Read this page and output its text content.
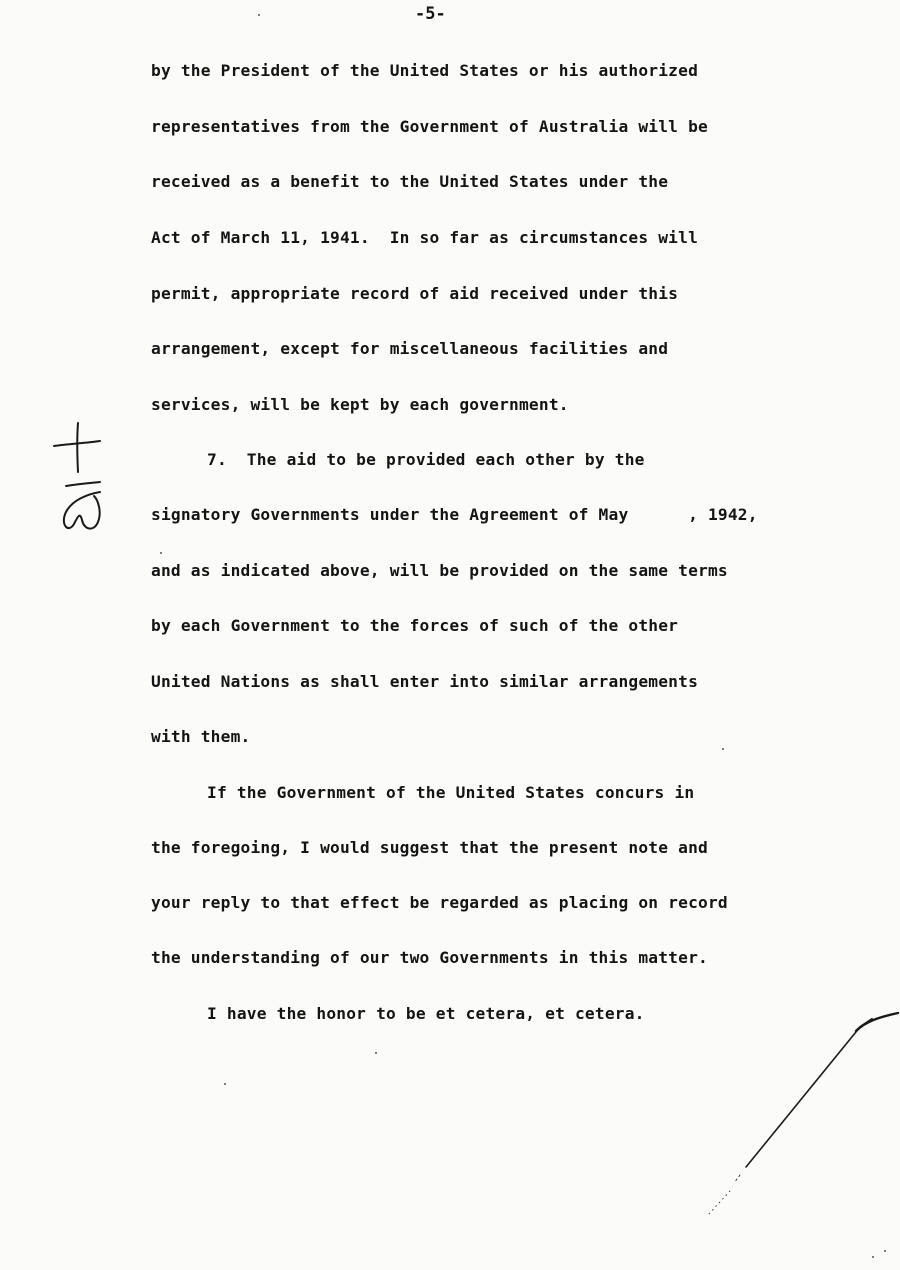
-5-
by the President of the United States or his authorized
representatives from the Government of Australia will be
received as a benefit to the United States under the
Act of March 11, 1941.  In so far as circumstances will
permit, appropriate record of aid received under this
arrangement, except for miscellaneous facilities and
services, will be kept by each government.
7.  The aid to be provided each other by the
signatory Governments under the Agreement of May      , 1942,
and as indicated above, will be provided on the same terms
by each Government to the forces of such of the other
United Nations as shall enter into similar arrangements
with them.
If the Government of the United States concurs in
the foregoing, I would suggest that the present note and
your reply to that effect be regarded as placing on record
the understanding of our two Governments in this matter.
I have the honor to be et cetera, et cetera.
